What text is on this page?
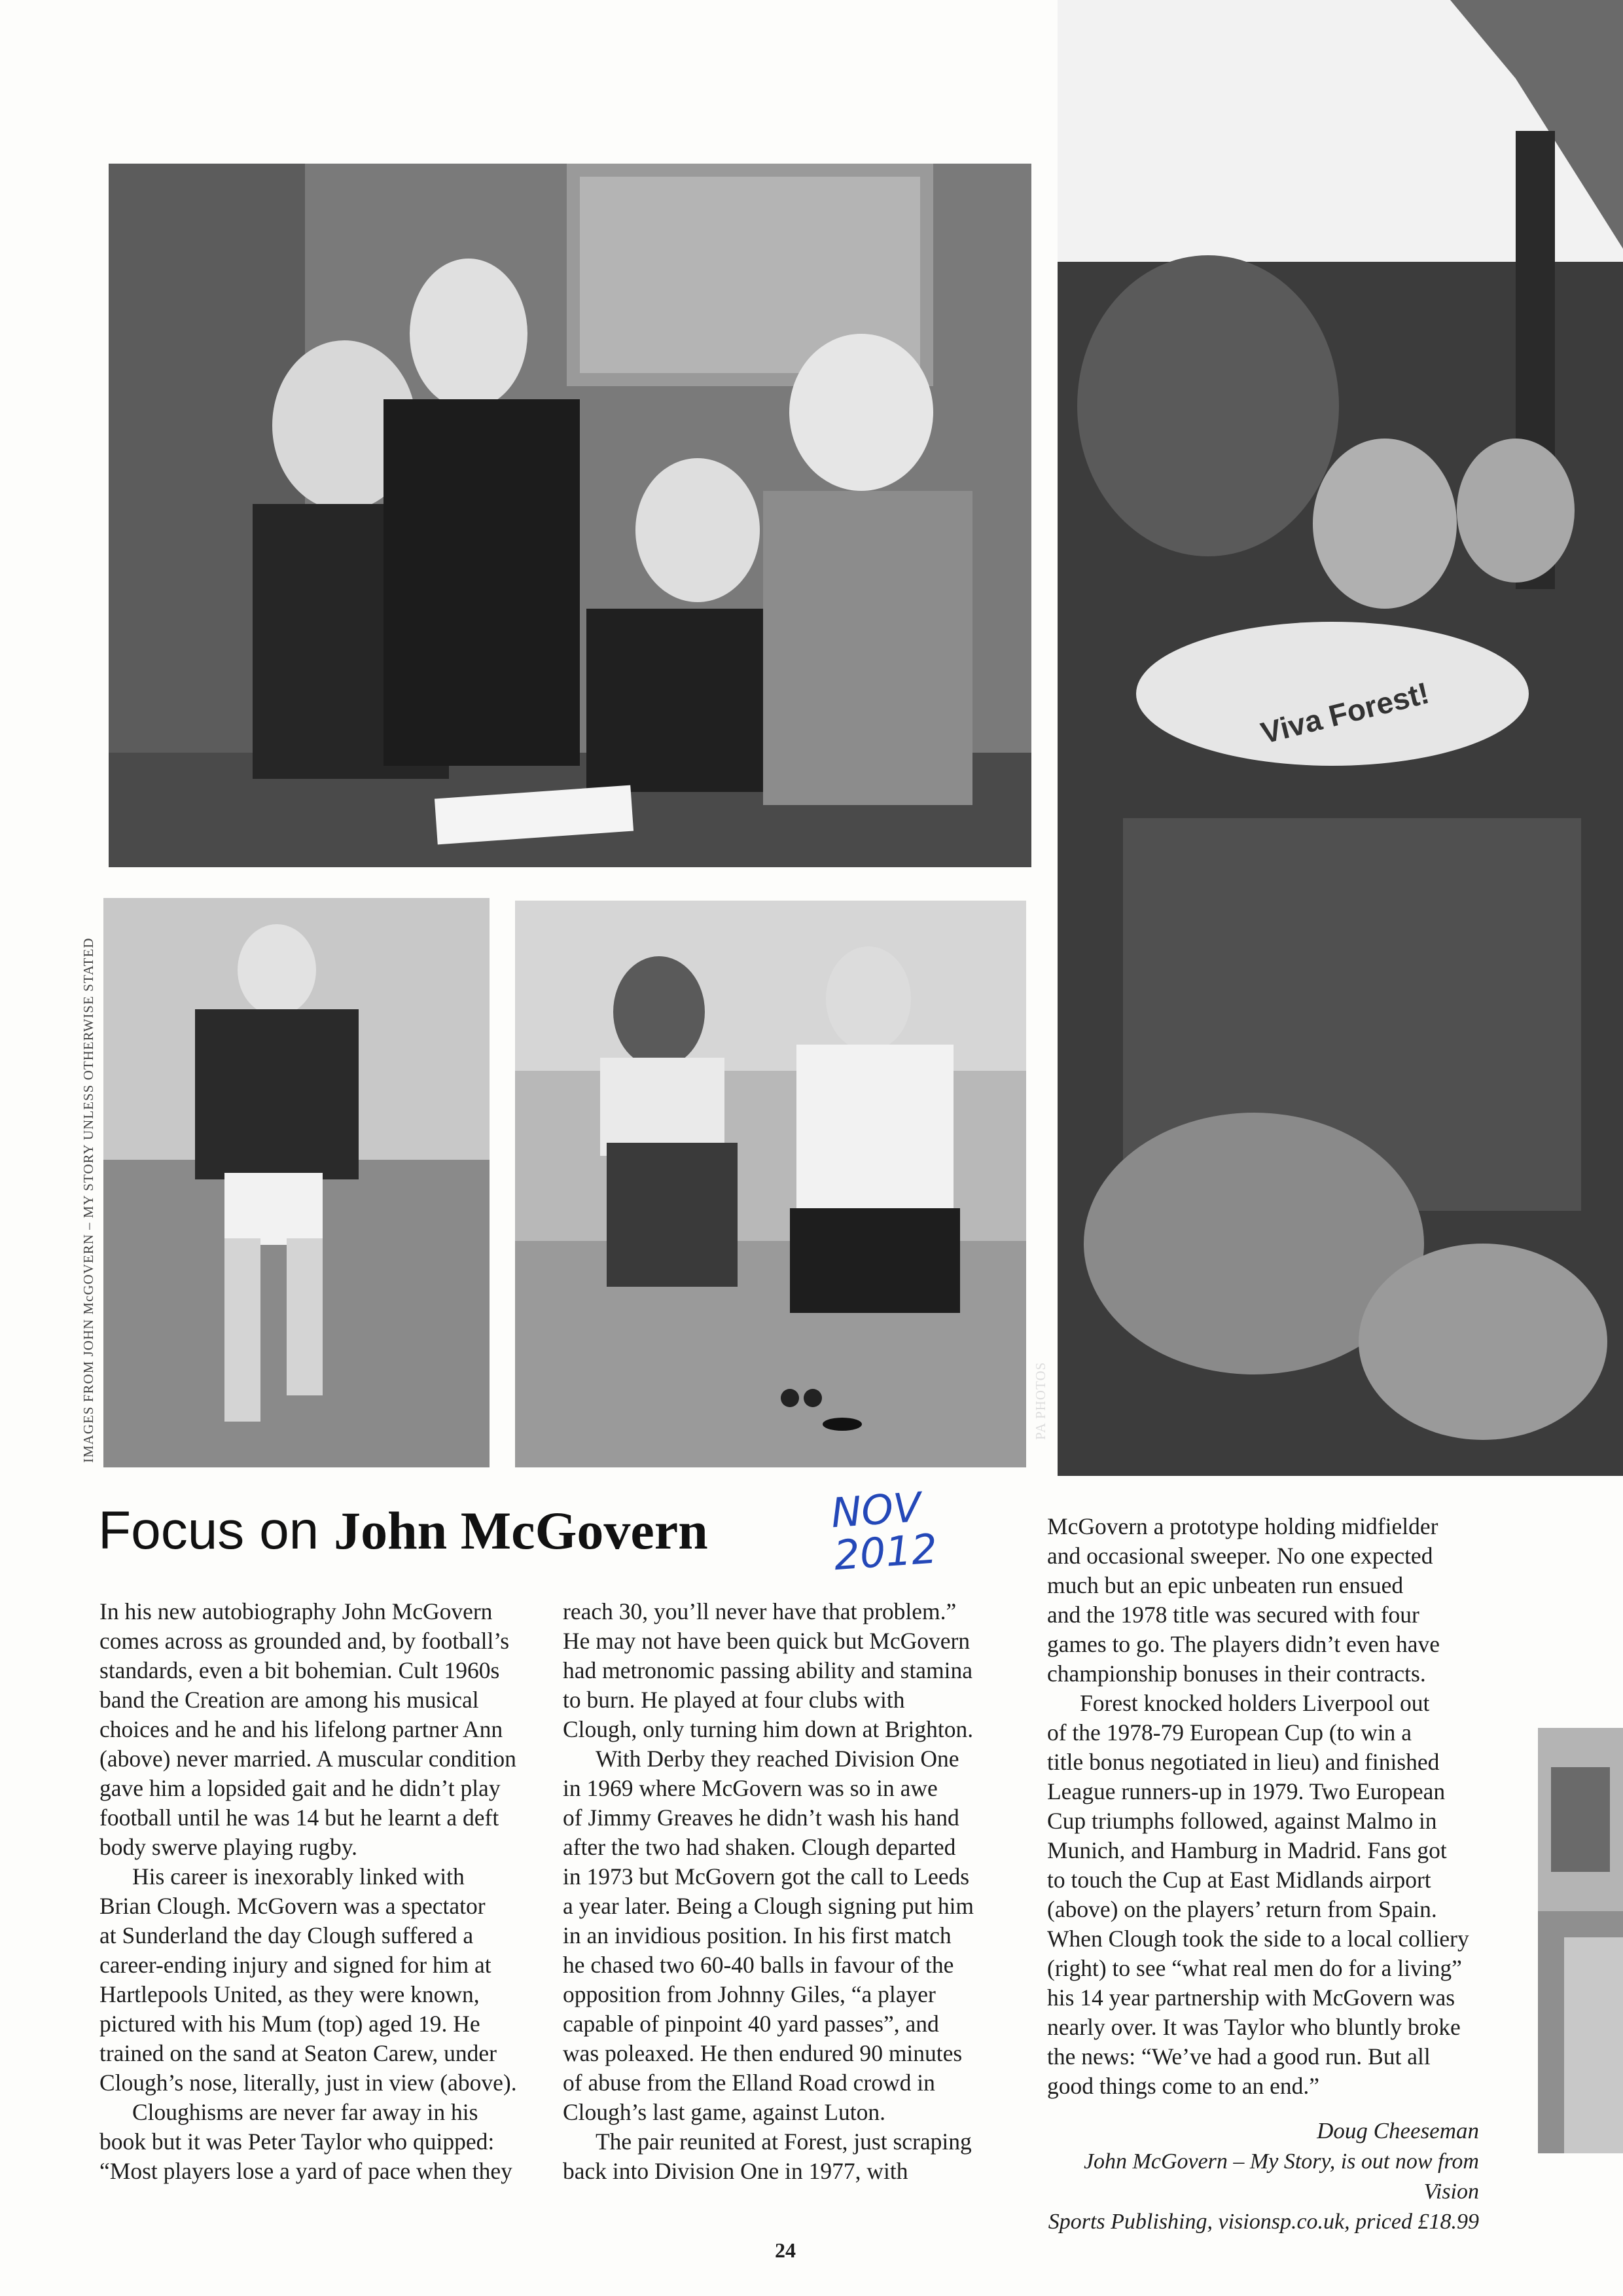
Viva Forest!
IMAGES FROM JOHN McGOVERN – MY STORY UNLESS OTHERWISE STATED	PA PHOTOS
Focus on John McGovern	NOV
2012
In his new autobiography John McGovern
comes across as grounded and, by football’s
standards, even a bit bohemian. Cult 1960s
band the Creation are among his musical
choices and he and his lifelong partner Ann
(above) never married. A muscular condition
gave him a lopsided gait and he didn’t play
football until he was 14 but he learnt a deft
body swerve playing rugby.
His career is inexorably linked with
Brian Clough. McGovern was a spectator
at Sunderland the day Clough suffered a
career-ending injury and signed for him at
Hartlepools United, as they were known,
pictured with his Mum (top) aged 19. He
trained on the sand at Seaton Carew, under
Clough’s nose, literally, just in view (above).
Cloughisms are never far away in his
book but it was Peter Taylor who quipped:
“Most players lose a yard of pace when they
reach 30, you’ll never have that problem.”
He may not have been quick but McGovern
had metronomic passing ability and stamina
to burn. He played at four clubs with
Clough, only turning him down at Brighton.
With Derby they reached Division One
in 1969 where McGovern was so in awe
of Jimmy Greaves he didn’t wash his hand
after the two had shaken. Clough departed
in 1973 but McGovern got the call to Leeds
a year later. Being a Clough signing put him
in an invidious position. In his first match
he chased two 60-40 balls in favour of the
opposition from Johnny Giles, “a player
capable of pinpoint 40 yard passes”, and
was poleaxed. He then endured 90 minutes
of abuse from the Elland Road crowd in
Clough’s last game, against Luton.
The pair reunited at Forest, just scraping
back into Division One in 1977, with
McGovern a prototype holding midfielder
and occasional sweeper. No one expected
much but an epic unbeaten run ensued
and the 1978 title was secured with four
games to go. The players didn’t even have
championship bonuses in their contracts.
Forest knocked holders Liverpool out
of the 1978-79 European Cup (to win a
title bonus negotiated in lieu) and finished
League runners-up in 1979. Two European
Cup triumphs followed, against Malmo in
Munich, and Hamburg in Madrid. Fans got
to touch the Cup at East Midlands airport
(above) on the players’ return from Spain.
When Clough took the side to a local colliery
(right) to see “what real men do for a living”
his 14 year partnership with McGovern was
nearly over. It was Taylor who bluntly broke
the news: “We’ve had a good run. But all
good things come to an end.”
Doug Cheeseman
John McGovern – My Story, is out now from Vision
Sports Publishing, visionsp.co.uk, priced £18.99
24
